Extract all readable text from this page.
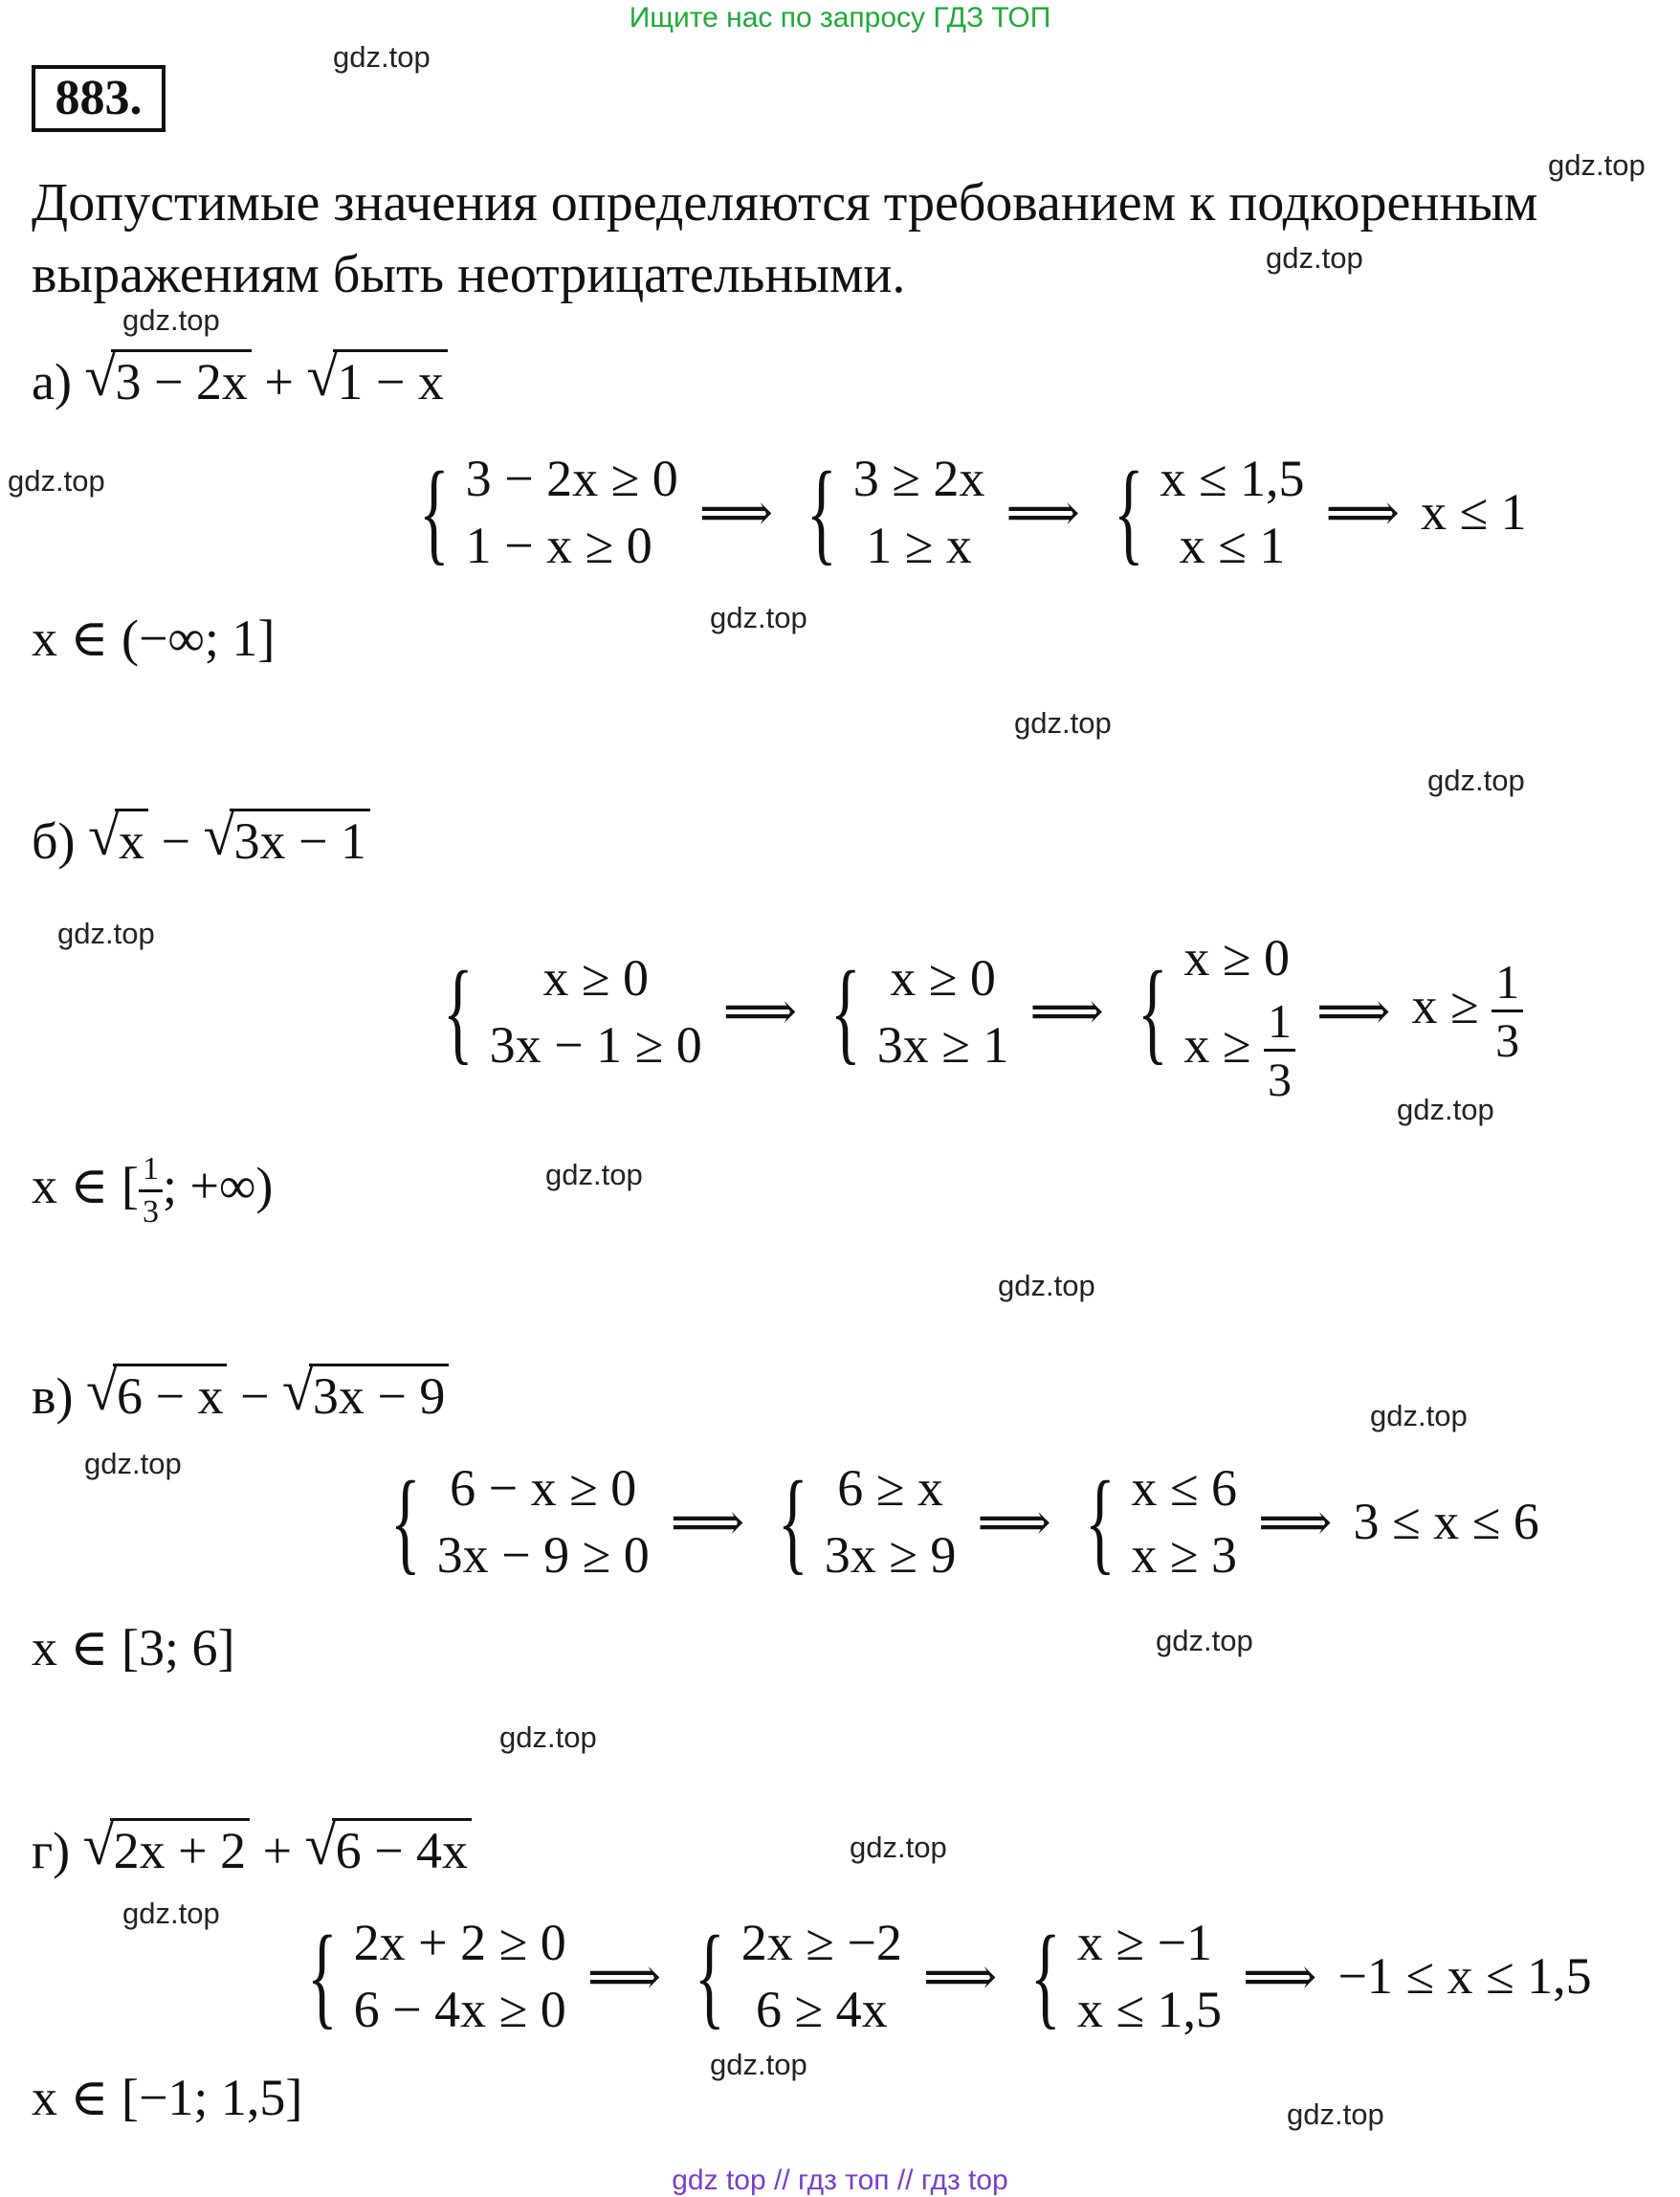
Ищите нас по запросу ГДЗ ТОП
883.
Допустимые значения определяются требованием к подкоренным
выражениям быть неотрицательными.
а) √ 3 − 2x + √ 1 − x
{ 3 − 2x ≥ 0
1 − x ≥ 0
⟹ { 3 ≥ 2x
1 ≥ x
⟹ { x ≤ 1,5
x ≤ 1
⟹ x ≤ 1
x ∈ (−∞; 1]
б) √ x − √ 3x − 1
{ x ≥ 0
3x − 1 ≥ 0
⟹ { x ≥ 0
3x ≥ 1
⟹ { x ≥ 0
$x \ge \frac{1}{3}$ ⟹ $x \ge \frac{1}{3}$
x ∈ [ $\frac{1}{3}$ ; +∞)
в) √ 6 − x − √ 3x − 9
{ 6 − x ≥ 0
3x − 9 ≥ 0
⟹ { 6 ≥ x
3x ≥ 9
⟹ { x ≤ 6
x ≥ 3
⟹ 3 ≤ x ≤ 6
x ∈ [3; 6]
г) √ 2x + 2 + √ 6 − 4x
{ 2x + 2 ≥ 0
6 − 4x ≥ 0
⟹ { 2x ≥ −2
6 ≥ 4x
⟹ { x ≥ −1
x ≤ 1,5
⟹ −1 ≤ x ≤ 1,5
x ∈ [−1; 1,5]
gdz.top
gdz.top
gdz.top
gdz.top
gdz.top
gdz.top
gdz.top
gdz.top
gdz.top
gdz.top
gdz.top
gdz.top
gdz.top
gdz.top
gdz.top
gdz.top
gdz.top
gdz.top
gdz.top
gdz.top
gdz top // гдз топ // гдз top
